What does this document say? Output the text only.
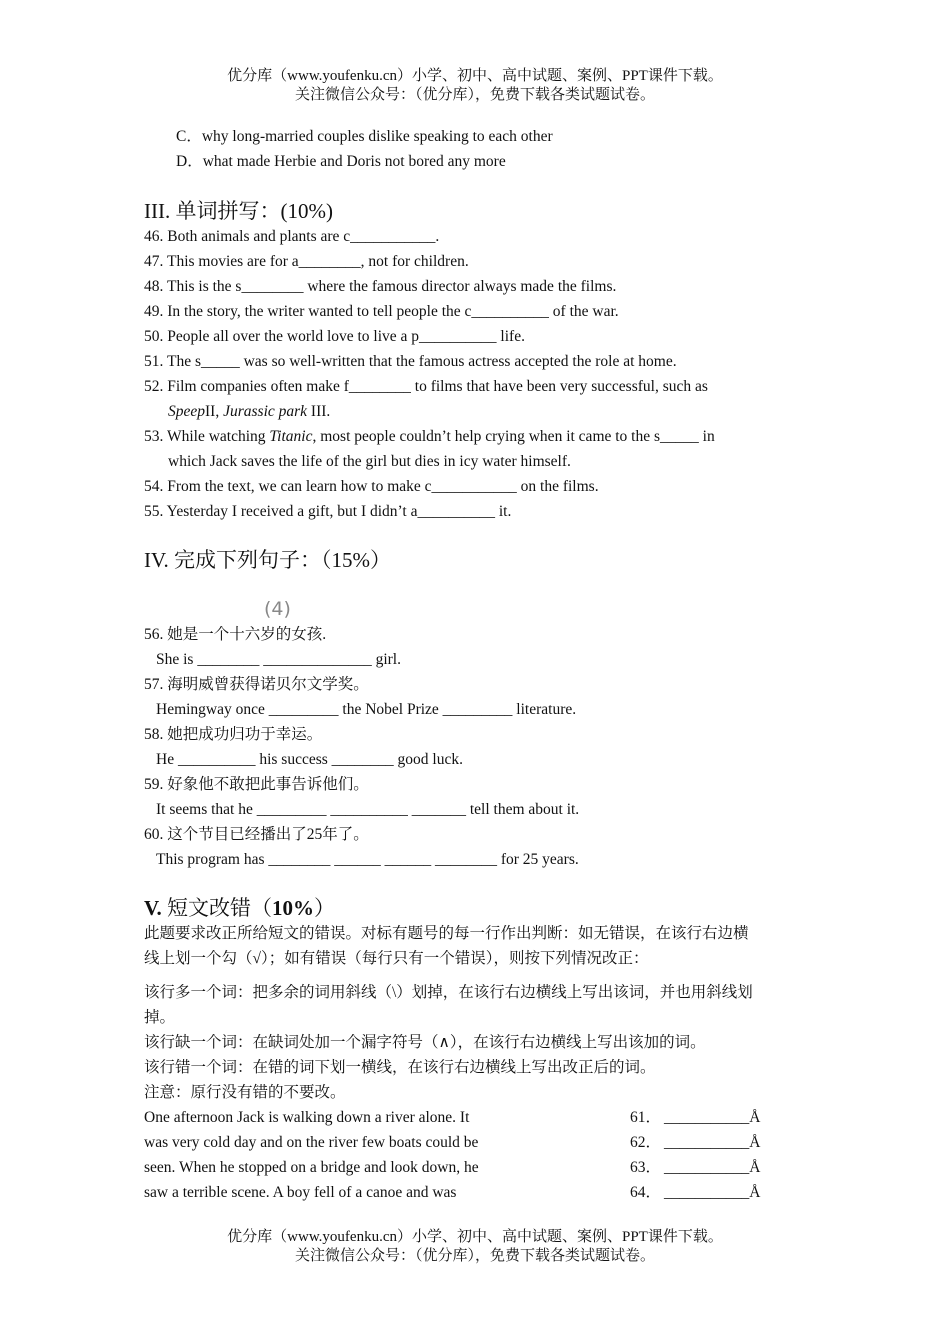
优分库（www.youfenku.cn）小学、初中、高中试题、案例、PPT课件下载。
关注微信公众号：（优分库），免费下载各类试题试卷。
C．why long-married couples dislike speaking to each other
D．what made Herbie and Doris not bored any more
III. 单词拼写：(10%)
46. Both animals and plants are c___________.
47. This movies are for a________, not for children.
48. This is the s________ where the famous director always made the films.
49. In the story, the writer wanted to tell people the c__________ of the war.
50. People all over the world love to live a p__________ life.
51. The s_____ was so well-written that the famous actress accepted the role at home.
52. Film companies often make f________ to films that have been very successful, such as
SpeepII, Jurassic park III.
53. While watching Titanic, most people couldn’t help crying when it came to the s_____ in
which Jack saves the life of the girl but dies in icy water himself.
54. From the text, we can learn how to make c___________ on the films.
55. Yesterday I received a gift, but I didn’t a__________ it.
IV. 完成下列句子：（15%）
(4)
56. 她是一个十六岁的女孩.
She is ________ ______________ girl.
57. 海明威曾获得诺贝尔文学奖。
Hemingway once _________ the Nobel Prize _________ literature.
58. 她把成功归功于幸运。
He __________ his success ________ good luck.
59. 好象他不敢把此事告诉他们。
It seems that he _________ __________ _______ tell them about it.
60. 这个节目已经播出了25年了。
This program has ________ ______ ______ ________ for 25 years.
V. 短文改错（10%）
此题要求改正所给短文的错误。对标有题号的每一行作出判断：如无错误，在该行右边横
线上划一个勾（√）；如有错误（每行只有一个错误），则按下列情况改正：
该行多一个词：把多余的词用斜线（\）划掉，在该行右边横线上写出该词，并也用斜线划
掉。
该行缺一个词：在缺词处加一个漏字符号（∧），在该行右边横线上写出该加的词。
该行错一个词：在错的词下划一横线，在该行右边横线上写出改正后的词。
注意：原行没有错的不要改。
One afternoon Jack is walking down a river alone. It	61． ___________Å
was very cold day and on the river few boats could be	62． ___________Å
seen. When he stopped on a bridge and look down, he	63． ___________Å
saw a terrible scene. A boy fell of a canoe and was	64． ___________Å
优分库（www.youfenku.cn）小学、初中、高中试题、案例、PPT课件下载。
关注微信公众号：（优分库），免费下载各类试题试卷。
